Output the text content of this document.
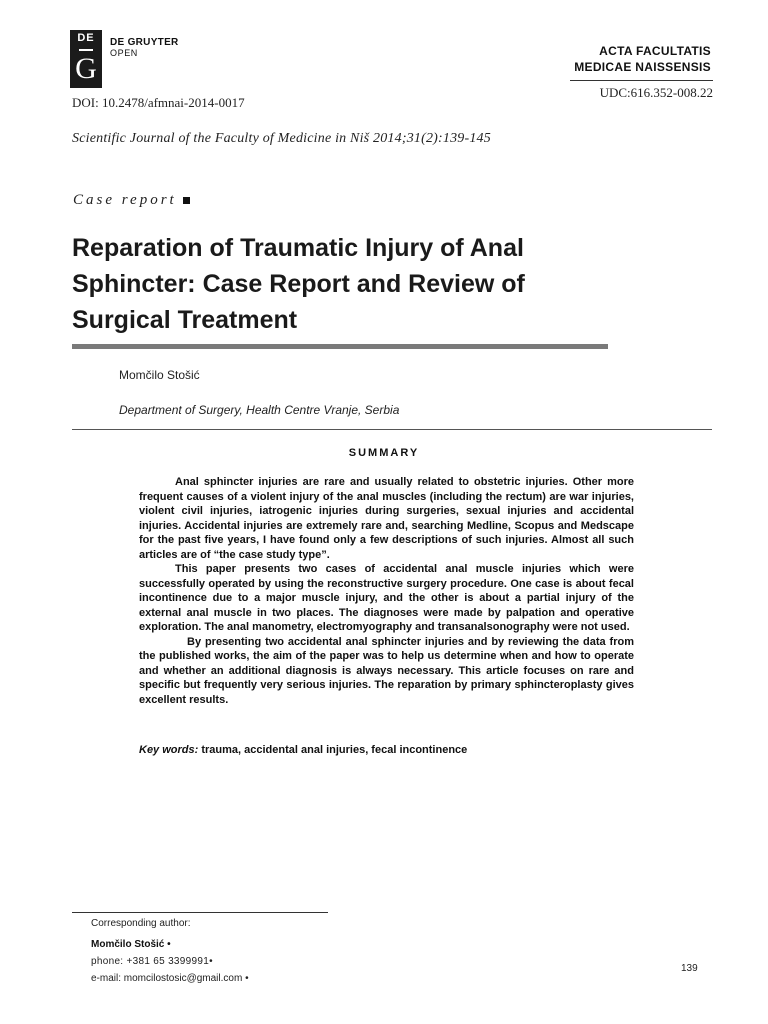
DE
G
DE GRUYTER
OPEN	ACTA FACULTATIS
MEDICAE NAISSENSIS
UDC:616.352-008.22
DOI: 10.2478/afmnai-2014-0017
Scientific Journal of the Faculty of Medicine in Niš 2014;31(2):139-145
Case report
Reparation of Traumatic Injury of Anal
Sphincter: Case Report and Review of
Surgical Treatment
Momčilo Stošić
Department of Surgery, Health Centre Vranje, Serbia
SUMMARY

Anal sphincter injuries are rare and usually related to obstetric injuries. Other more frequent causes of a violent injury of the anal muscles (including the rectum) are war injuries, violent civil injuries, iatrogenic injuries during surgeries, sexual injuries and accidental injuries. Accidental injuries are extremely rare and, searching Medline, Scopus and Medscape for the past five years, I have found only a few descriptions of such injuries. Almost all such articles are of “the case study type”.

This paper presents two cases of accidental anal muscle injuries which were successfully operated by using the reconstructive surgery procedure. One case is about fecal incontinence due to a major muscle injury, and the other is about a partial injury of the external anal muscle in two places. The diagnoses were made by palpation and operative exploration. The anal manometry, electromyography and transanalsonography were not used.

By presenting two accidental anal sphincter injuries and by reviewing the data from the published works, the aim of the paper was to help us determine when and how to operate and whether an additional diagnosis is always necessary. This article focuses on rare and specific but frequently very serious injuries. The reparation by primary sphincteroplasty gives excellent results.

Key words: trauma, accidental anal injuries, fecal incontinence
Corresponding author:
Momčilo Stošić •
phone: +381 65 3399991•
e-mail: momcilostosic@gmail.com •
139
